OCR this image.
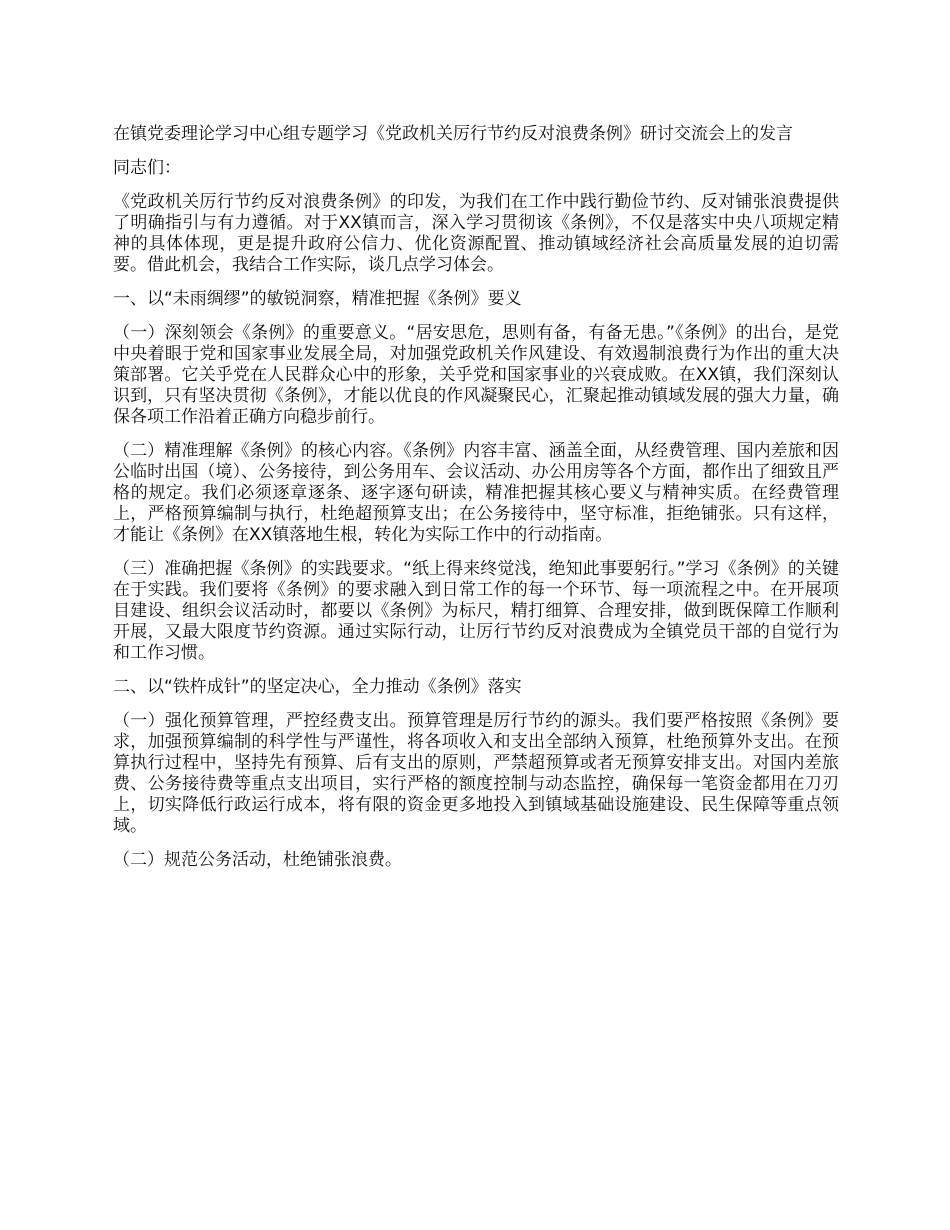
在镇党委理论学习中心组专题学习《党政机关厉行节约反对浪费条例》研讨交流会上的发言

同志们：

《党政机关厉行节约反对浪费条例》的印发，为我们在工作中践行勤俭节约、反对铺张浪费提供了明确指引与有力遵循。对于XX镇而言，深入学习贯彻该《条例》，不仅是落实中央八项规定精神的具体体现，更是提升政府公信力、优化资源配置、推动镇域经济社会高质量发展的迫切需要。借此机会，我结合工作实际，谈几点学习体会。

一、以“未雨绸缪”的敏锐洞察，精准把握《条例》要义

（一）深刻领会《条例》的重要意义。“居安思危，思则有备，有备无患。”《条例》的出台，是党中央着眼于党和国家事业发展全局，对加强党政机关作风建设、有效遏制浪费行为作出的重大决策部署。它关乎党在人民群众心中的形象，关乎党和国家事业的兴衰成败。在XX镇，我们深刻认识到，只有坚决贯彻《条例》，才能以优良的作风凝聚民心，汇聚起推动镇域发展的强大力量，确保各项工作沿着正确方向稳步前行。

（二）精准理解《条例》的核心内容。《条例》内容丰富、涵盖全面，从经费管理、国内差旅和因公临时出国（境）、公务接待，到公务用车、会议活动、办公用房等各个方面，都作出了细致且严格的规定。我们必须逐章逐条、逐字逐句研读，精准把握其核心要义与精神实质。在经费管理上，严格预算编制与执行，杜绝超预算支出；在公务接待中，坚守标准，拒绝铺张。只有这样，才能让《条例》在XX镇落地生根，转化为实际工作中的行动指南。

（三）准确把握《条例》的实践要求。“纸上得来终觉浅，绝知此事要躬行。”学习《条例》的关键在于实践。我们要将《条例》的要求融入到日常工作的每一个环节、每一项流程之中。在开展项目建设、组织会议活动时，都要以《条例》为标尺，精打细算、合理安排，做到既保障工作顺利开展，又最大限度节约资源。通过实际行动，让厉行节约反对浪费成为全镇党员干部的自觉行为和工作习惯。

二、以“铁杵成针”的坚定决心，全力推动《条例》落实

（一）强化预算管理，严控经费支出。预算管理是厉行节约的源头。我们要严格按照《条例》要求，加强预算编制的科学性与严谨性，将各项收入和支出全部纳入预算，杜绝预算外支出。在预算执行过程中，坚持先有预算、后有支出的原则，严禁超预算或者无预算安排支出。对国内差旅费、公务接待费等重点支出项目，实行严格的额度控制与动态监控，确保每一笔资金都用在刀刃上，切实降低行政运行成本，将有限的资金更多地投入到镇域基础设施建设、民生保障等重点领域。

（二）规范公务活动，杜绝铺张浪费。
